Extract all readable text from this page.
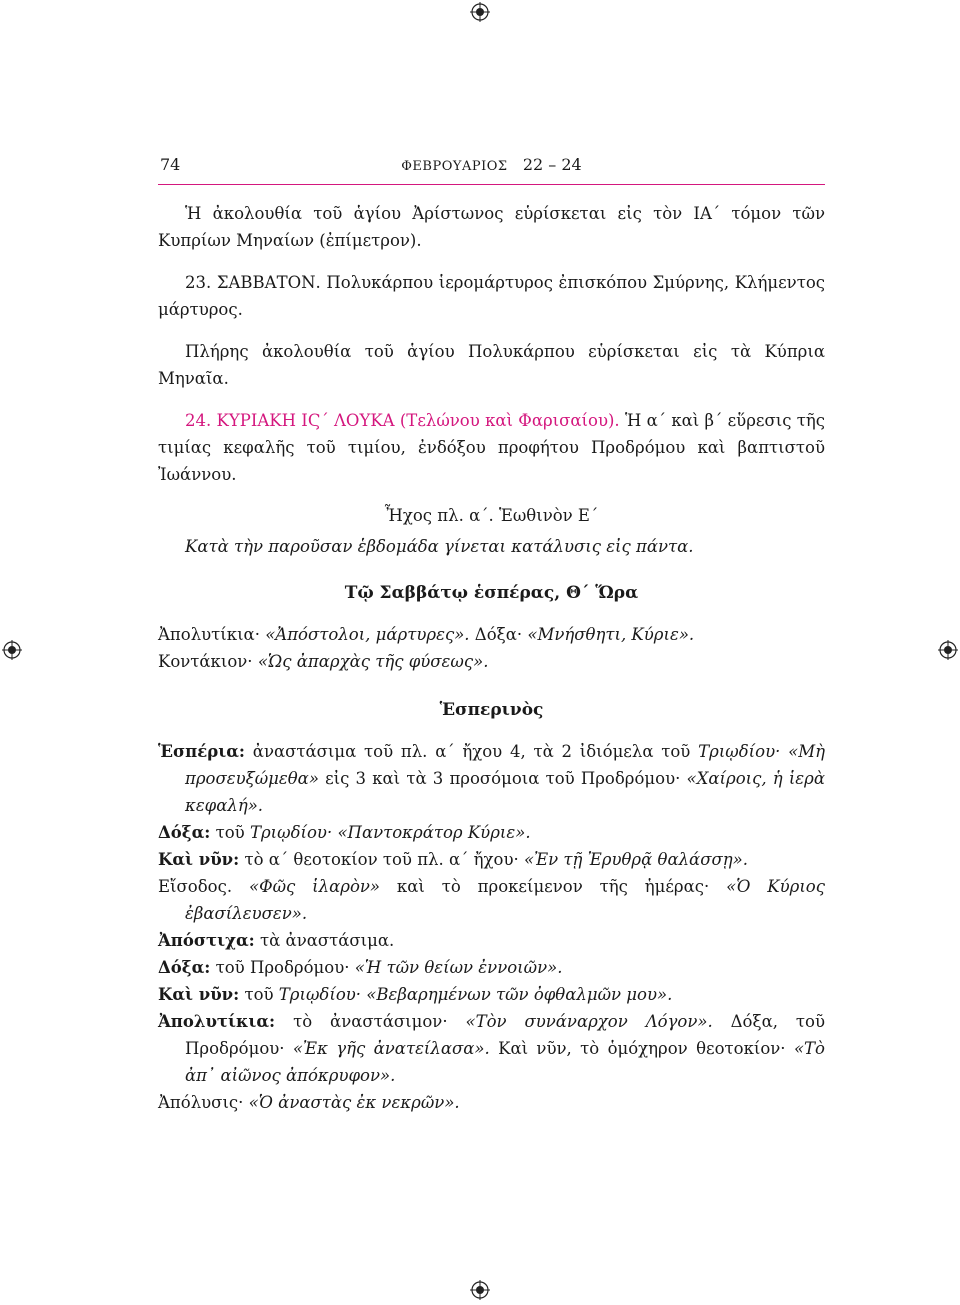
74	ΦΕΒΡΟΥΑΡΙΟΣ 22 – 24

Ἡ ἀκολουθία τοῦ ἁγίου Ἀρίστωνος εὑρίσκεται εἰς τὸν ΙΑ΄ τόμον τῶν Κυπρίων Μηναίων (ἐπίμετρον).

23. ΣΑΒΒΑΤΟΝ. Πολυκάρπου ἱερομάρτυρος ἐπισκόπου Σμύρνης, Κλήμεντος μάρτυρος.

Πλήρης ἀκολουθία τοῦ ἁγίου Πολυκάρπου εὑρίσκεται εἰς τὰ Κύπρια Μηναῖα.

24. ΚΥΡΙΑΚΗ ΙϚ΄ ΛΟΥΚΑ (Τελώνου καὶ Φαρισαίου). Ἡ α΄ καὶ β΄ εὕρεσις τῆς τιμίας κεφαλῆς τοῦ τιμίου, ἐνδόξου προφήτου Προδρόμου καὶ βαπτιστοῦ Ἰωάννου.

Ἦχος πλ. α΄. Ἑωθινὸν Ε΄

Κατὰ τὴν παροῦσαν ἑβδομάδα γίνεται κατάλυσις εἰς πάντα.

Τῷ Σαββάτῳ ἑσπέρας, Θ΄ Ὥρα

Ἀπολυτίκια· «Ἀπόστολοι, μάρτυρες». Δόξα· «Μνήσθητι, Κύριε».

Κοντάκιον· «Ὡς ἀπαρχὰς τῆς φύσεως».

Ἑσπερινὸς

Ἑσπέρια: ἀναστάσιμα τοῦ πλ. α΄ ἤχου 4, τὰ 2 ἰδιόμελα τοῦ Τριῳδίου· «Μὴ προσευξώμεθα» εἰς 3 καὶ τὰ 3 προσόμοια τοῦ Προδρόμου· «Χαίροις, ἡ ἱερὰ κεφαλή».

Δόξα: τοῦ Τριῳδίου· «Παντοκράτορ Κύριε».

Καὶ νῦν: τὸ α΄ θεοτοκίον τοῦ πλ. α΄ ἤχου· «Ἐν τῇ Ἐρυθρᾷ θαλάσσῃ».

Εἴσοδος. «Φῶς ἱλαρὸν» καὶ τὸ προκείμενον τῆς ἡμέρας· «Ὁ Κύριος ἐβασίλευσεν».

Ἀπόστιχα: τὰ ἀναστάσιμα.

Δόξα: τοῦ Προδρόμου· «Ἡ τῶν θείων ἐννοιῶν».

Καὶ νῦν: τοῦ Τριῳδίου· «Βεβαρημένων τῶν ὀφθαλμῶν μου».

Ἀπολυτίκια: τὸ ἀναστάσιμον· «Τὸν συνάναρχον Λόγον». Δόξα, τοῦ Προδρόμου· «Ἐκ γῆς ἀνατείλασα». Καὶ νῦν, τὸ ὁμόχηρον θεοτοκίον· «Τὸ ἀπ᾽ αἰῶνος ἀπόκρυφον».

Ἀπόλυσις· «Ὁ ἀναστὰς ἐκ νεκρῶν».
